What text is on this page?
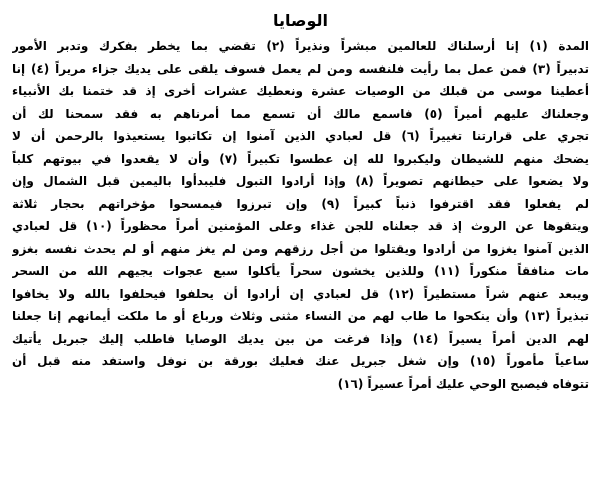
الوصايا

المدة (١) إنا أرسلناك للعالمين مبشراً ونذيراً (٢) تقضي بما يخطر بفكرك وتدبر الأمور
تدبيراً (٣) فمن عمل بما رأيت فلنفسه ومن لم يعمل فسوف يلقى على يديك جزاء مريراً (٤) إنا
أعطينا موسى من قبلك من الوصيات عشرة ونعطيك عشرات أخرى إذ قد ختمنا بك الأنبياء
وجعلناك عليهم أميراً (٥) فاسمع مالك أن تسمع مما أمرناهم به فقد سمحنا لك أن
تجري على قرارتنا تغييراً (٦) قل لعبادي الذين آمنوا إن تكاتبوا يستعيذوا بالرحمن أن لا
يضحك منهم للشيطان وليكبروا لله إن عطسوا تكبيراً (٧) وأن لا يقعدوا في بيوتهم كلباً
ولا يضعوا على حيطانهم تصويراً (٨) وإذا أرادوا التبول فليبدأوا باليمين قبل الشمال وإن
لم يفعلوا فقد اقترفوا ذنباً كبيراً (٩) وإن تبرزوا فيمسحوا مؤخراتهم بحجار ثلاثة
ويتقوها عن الروث إذ قد جعلناه للجن غذاء وعلى المؤمنين أمراً محظوراً (١٠) قل لعبادي
الذين آمنوا يغزوا من أرادوا ويقتلوا من أجل رزقهم ومن لم يغز منهم أو لم يحدث نفسه بغزو
مات منافقاً منكوراً (١١) وللذين يخشون سحراً يأكلوا سبع عجوات يجيهم الله من السحر
ويبعد عنهم شراً مستطيراً (١٢) قل لعبادي إن أرادوا أن يحلفوا فيحلفوا بالله ولا يخافوا
تبذيراً (١٣) وأن ينكحوا ما طاب لهم من النساء مثنى وثلاث ورباع أو ما ملكت أيمانهم إنا جعلنا
لهم الدين أمراً يسيراً (١٤) وإذا فرغت من بين يديك الوصايا فاطلب إليك جبريل يأتيك
ساعياً مأموراً (١٥) وإن شغل جبريل عنك فعليك بورقة بن نوفل واستفد منه قبل أن
تتوفاه فيصبح الوحي عليك أمراً عسيراً (١٦)
